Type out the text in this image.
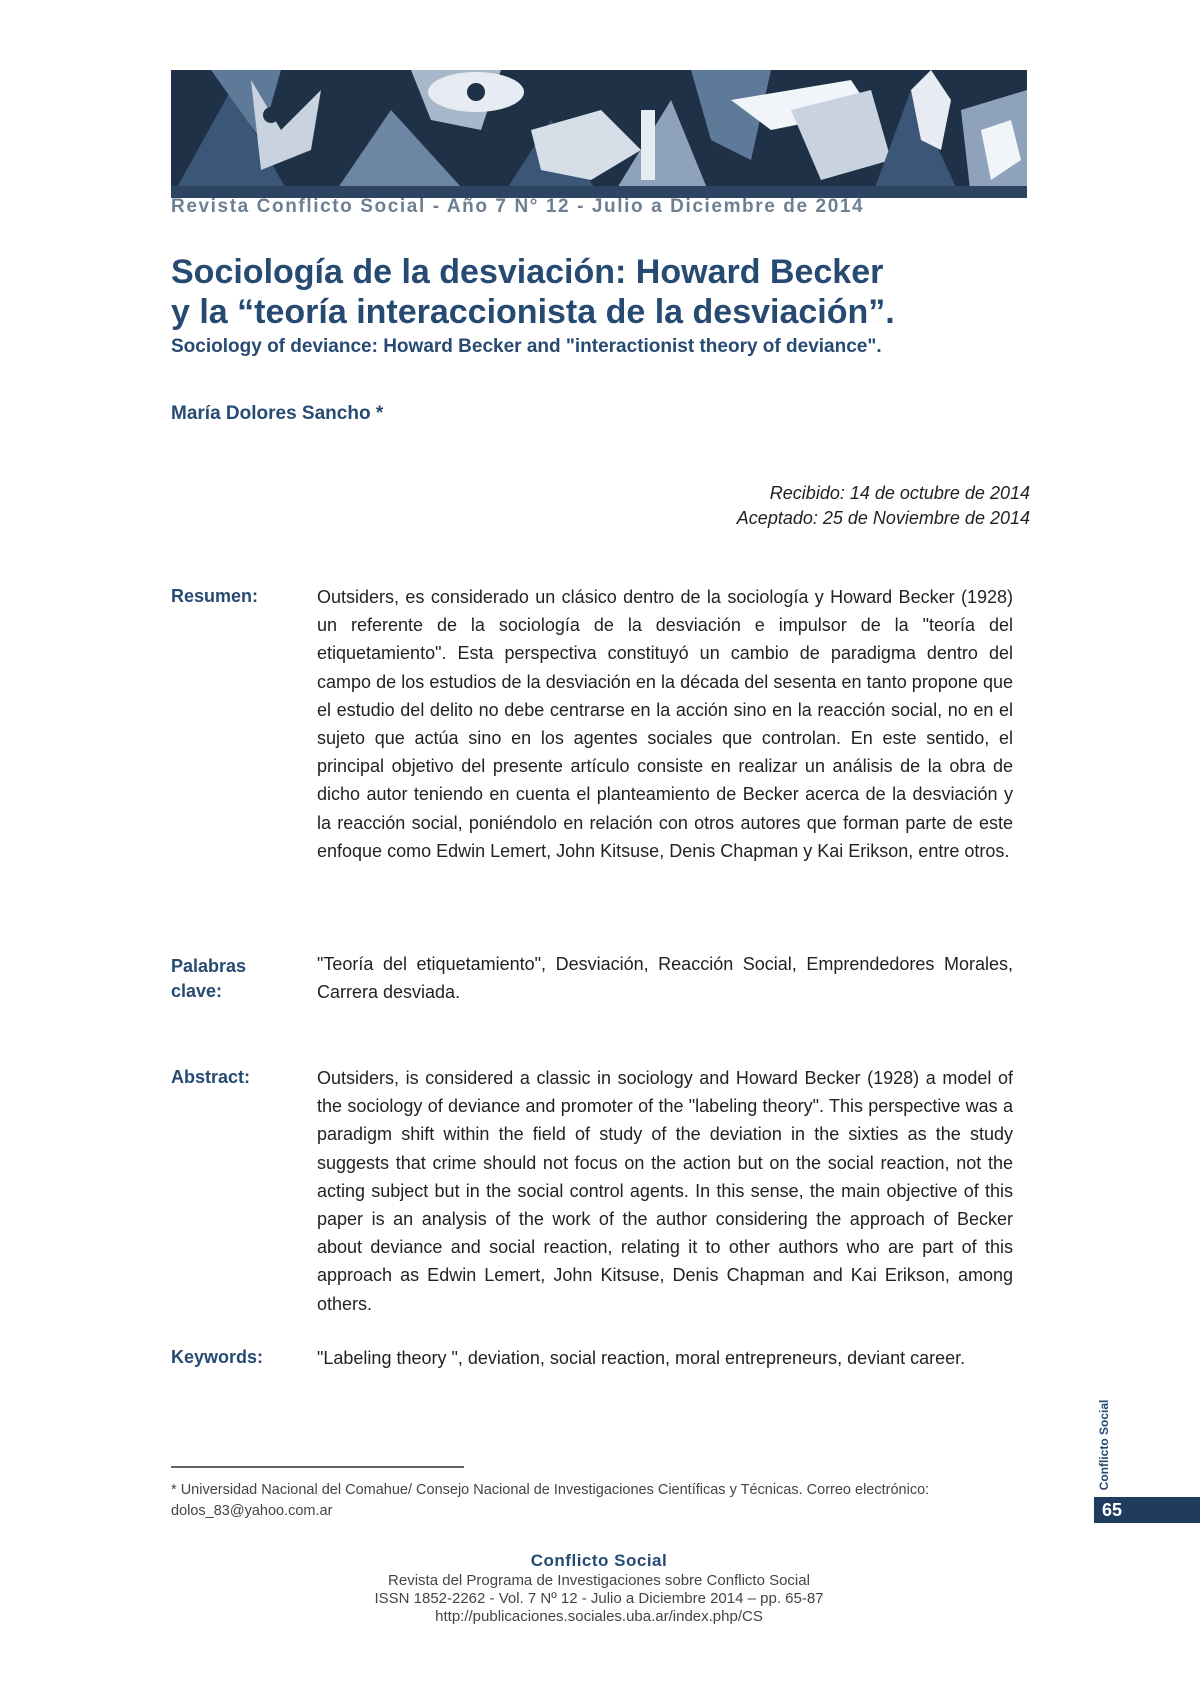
Revista Conflicto Social - Año 7 N° 12 - Julio a Diciembre de 2014
Sociología de la desviación: Howard Becker
y la “teoría interaccionista de la desviación”.
Sociology of deviance: Howard Becker and "interactionist theory of deviance".
María Dolores Sancho *
Recibido: 14 de octubre de 2014
Aceptado: 25 de Noviembre de 2014
Resumen:	Outsiders, es considerado un clásico dentro de la sociología y Howard Becker (1928) un referente de la sociología de la desviación e impulsor de la "teoría del etiquetamiento". Esta perspectiva constituyó un cambio de paradigma dentro del campo de los estudios de la desviación en la década del sesenta en tanto propone que el estudio del delito no debe centrarse en la acción sino en la reacción social, no en el sujeto que actúa sino en los agentes sociales que controlan. En este sentido, el principal objetivo del presente artículo consiste en realizar un análisis de la obra de dicho autor teniendo en cuenta el planteamiento de Becker acerca de la desviación y la reacción social, poniéndolo en relación con otros autores que forman parte de este enfoque como Edwin Lemert, John Kitsuse, Denis Chapman y Kai Erikson, entre otros.
Palabras
clave:
"Teoría del etiquetamiento", Desviación, Reacción Social, Emprendedores Morales, Carrera desviada.
Abstract:	Outsiders, is considered a classic in sociology and Howard Becker (1928) a model of the sociology of deviance and promoter of the "labeling theory". This perspective was a paradigm shift within the field of study of the deviation in the sixties as the study suggests that crime should not focus on the action but on the social reaction, not the acting subject but in the social control agents. In this sense, the main objective of this paper is an analysis of the work of the author considering the approach of Becker about deviance and social reaction, relating it to other authors who are part of this approach as Edwin Lemert, John Kitsuse, Denis Chapman and Kai Erikson, among others.
Keywords:	"Labeling theory ", deviation, social reaction, moral entrepreneurs, deviant career.
* Universidad Nacional del Comahue/ Consejo Nacional de Investigaciones Científicas y Técnicas. Correo electrónico:
dolos_83@yahoo.com.ar
Conflicto Social
Revista del Programa de Investigaciones sobre Conflicto Social
ISSN 1852-2262 - Vol. 7 Nº 12 - Julio a Diciembre 2014 – pp. 65-87
http://publicaciones.sociales.uba.ar/index.php/CS
Conflicto Social
65
